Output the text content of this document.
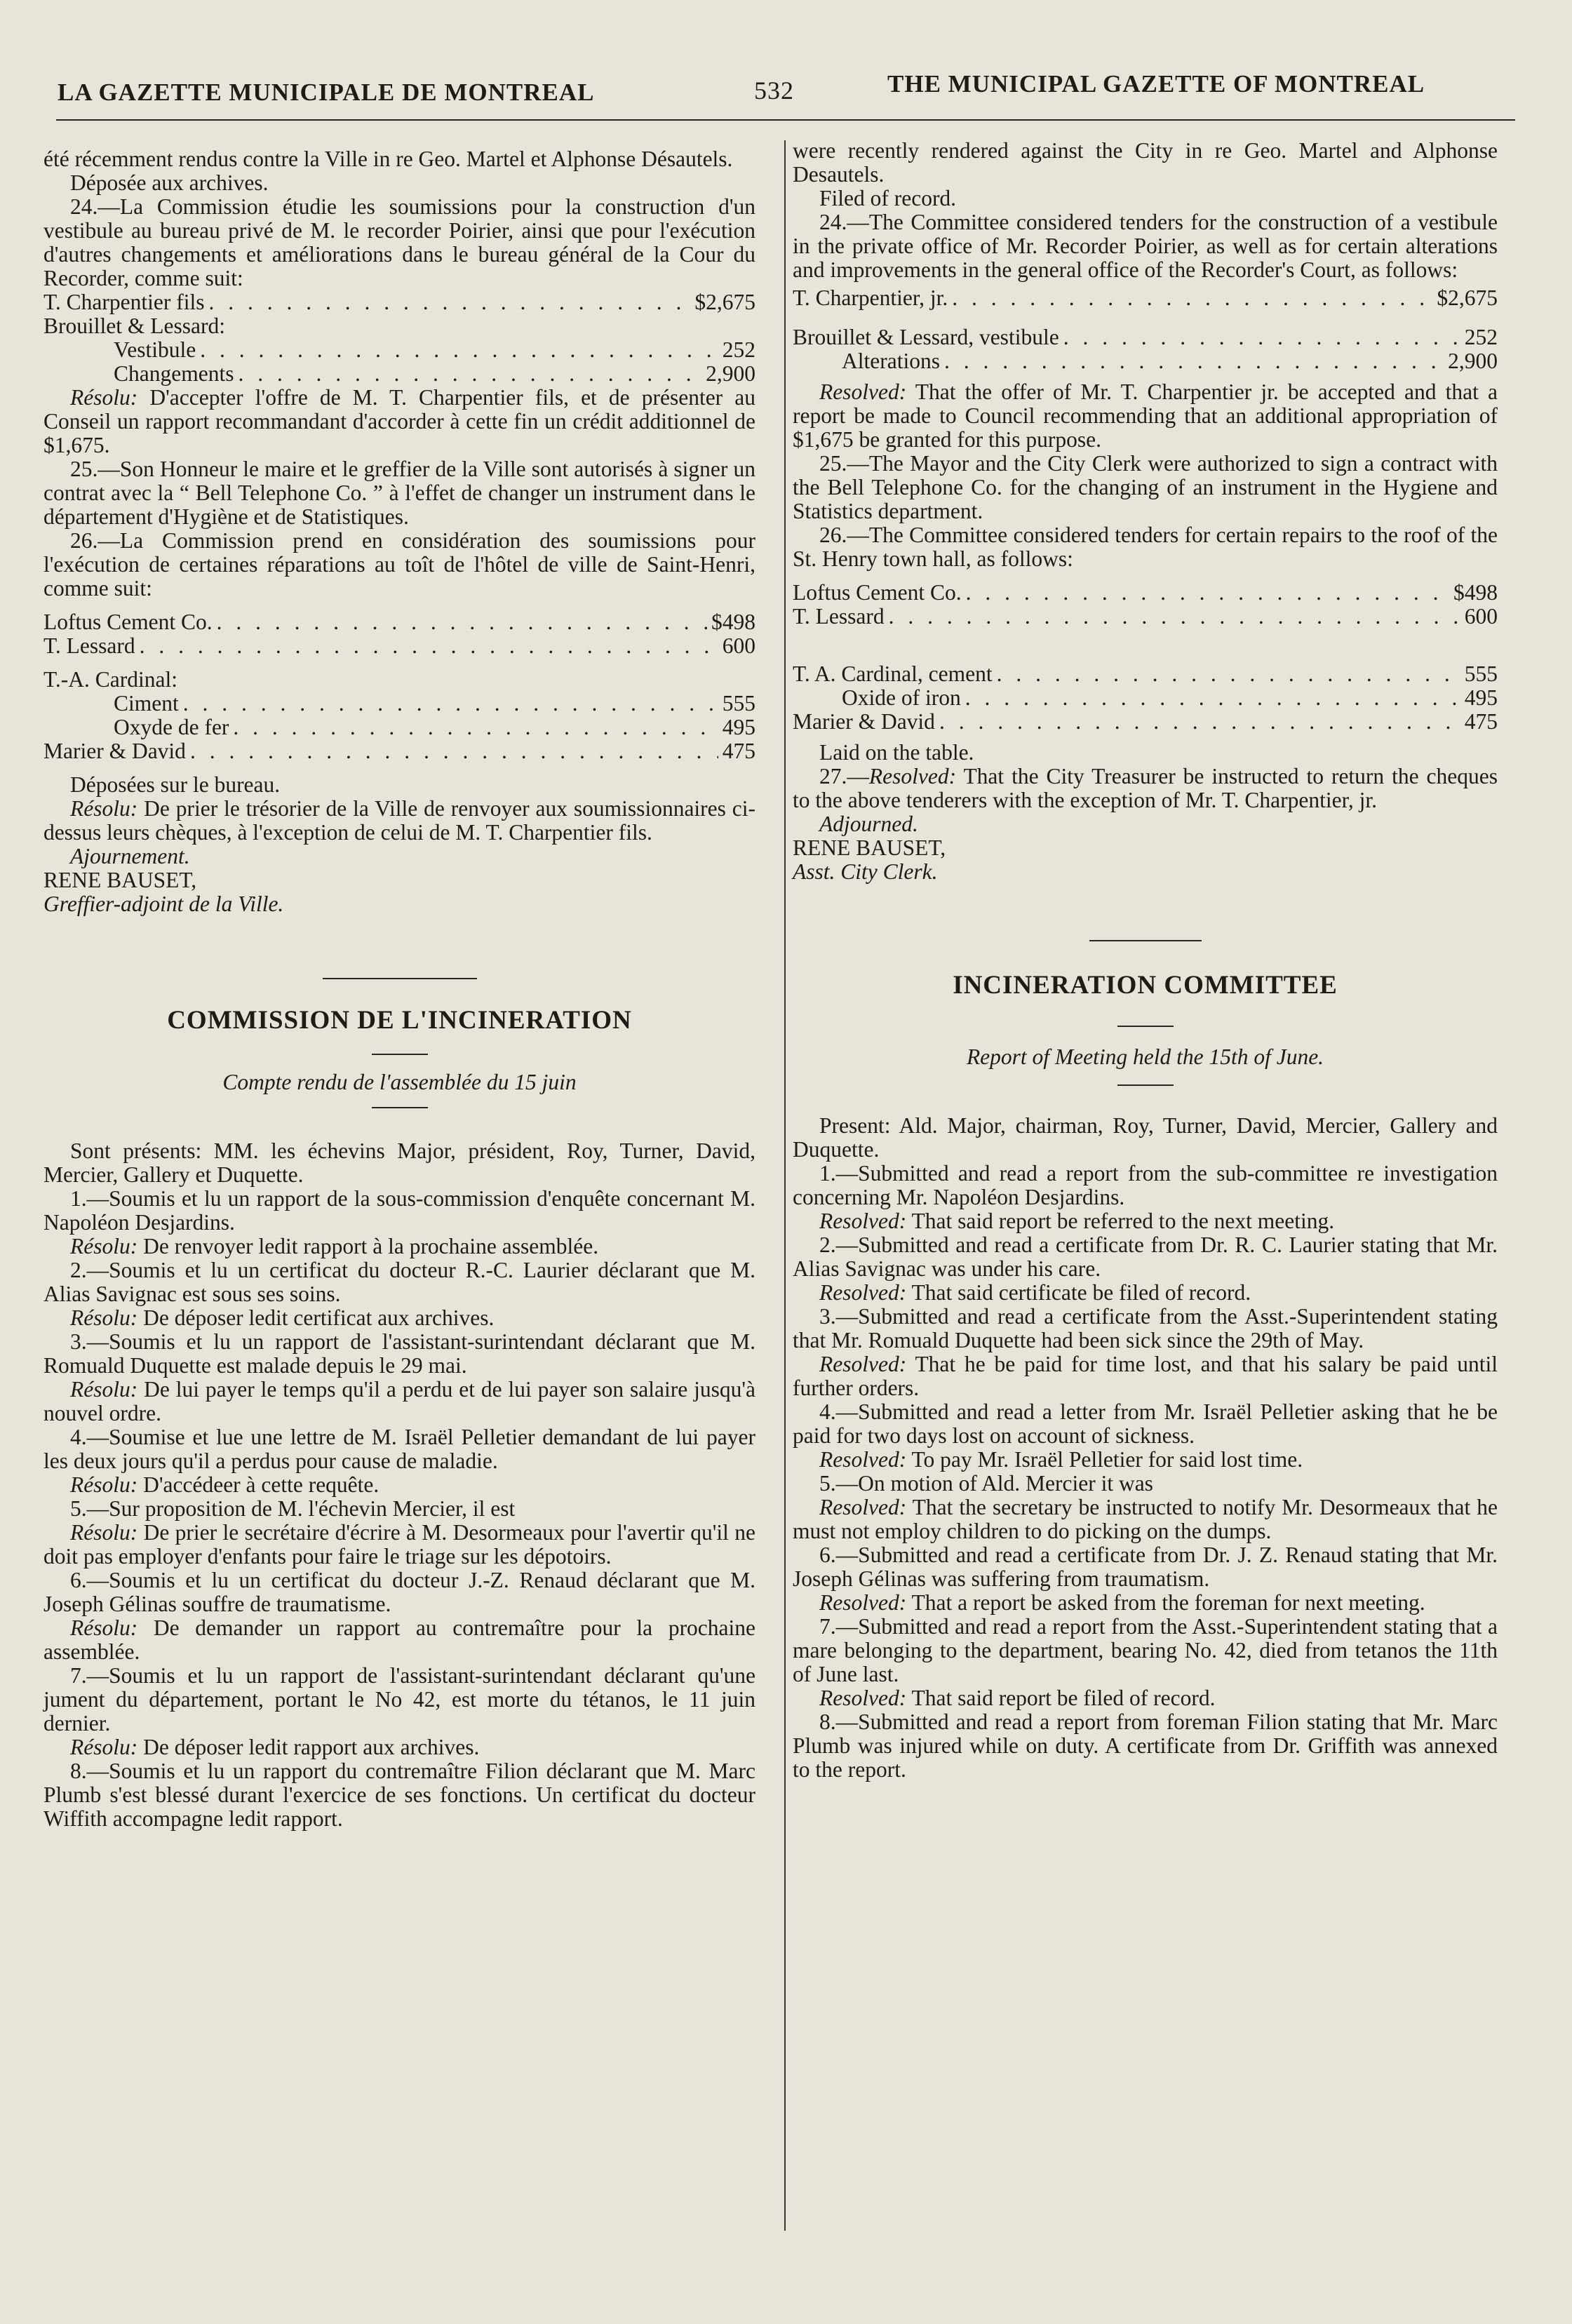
LA GAZETTE MUNICIPALE DE MONTREAL	532	THE MUNICIPAL GAZETTE OF MONTREAL

été récemment rendus contre la Ville in re Geo. Martel et Alphonse Désautels.

Déposée aux archives.

24.—La Commission étudie les soumissions pour la construction d'un vestibule au bureau privé de M. le recorder Poirier, ainsi que pour l'exécution d'autres changements et améliorations dans le bureau général de la Cour du Recorder, comme suit:

T. Charpentier fils . . .	$2,675

Brouillet & Lessard:

Vestibule . . .	252
Changements . . .	2,900

Résolu: D'accepter l'offre de M. T. Charpentier fils, et de présenter au Conseil un rapport recommandant d'accorder à cette fin un crédit additionnel de $1,675.

25.—Son Honneur le maire et le greffier de la Ville sont autorisés à signer un contrat avec la “ Bell Telephone Co. ” à l'effet de changer un instrument dans le département d'Hygiène et de Statistiques.

26.—La Commission prend en considération des soumissions pour l'exécution de certaines réparations au toît de l'hôtel de ville de Saint-Henri, comme suit:

Loftus Cement Co. . . .	$498
T. Lessard . . .	600

T.-A. Cardinal:

Ciment . . .	555
Oxyde de fer . . .	495
Marier & David . . .	475

Déposées sur le bureau.

Résolu: De prier le trésorier de la Ville de renvoyer aux soumissionnaires ci-dessus leurs chèques, à l'exception de celui de M. T. Charpentier fils.

Ajournement.

RENE BAUSET,

Greffier-adjoint de la Ville.

COMMISSION DE L'INCINERATION
Compte rendu de l'assemblée du 15 juin

Sont présents: MM. les échevins Major, président, Roy, Turner, David, Mercier, Gallery et Duquette.

1.—Soumis et lu un rapport de la sous-commission d'enquête concernant M. Napoléon Desjardins.

Résolu: De renvoyer ledit rapport à la prochaine assemblée.

2.—Soumis et lu un certificat du docteur R.-C. Laurier déclarant que M. Alias Savignac est sous ses soins.

Résolu: De déposer ledit certificat aux archives.

3.—Soumis et lu un rapport de l'assistant-surintendant déclarant que M. Romuald Duquette est malade depuis le 29 mai.

Résolu: De lui payer le temps qu'il a perdu et de lui payer son salaire jusqu'à nouvel ordre.

4.—Soumise et lue une lettre de M. Israël Pelletier demandant de lui payer les deux jours qu'il a perdus pour cause de maladie.

Résolu: D'accédeer à cette requête.

5.—Sur proposition de M. l'échevin Mercier, il est

Résolu: De prier le secrétaire d'écrire à M. Desormeaux pour l'avertir qu'il ne doit pas employer d'enfants pour faire le triage sur les dépotoirs.

6.—Soumis et lu un certificat du docteur J.-Z. Renaud déclarant que M. Joseph Gélinas souffre de traumatisme.

Résolu: De demander un rapport au contremaître pour la prochaine assemblée.

7.—Soumis et lu un rapport de l'assistant-surintendant déclarant qu'une jument du département, portant le No 42, est morte du tétanos, le 11 juin dernier.

Résolu: De déposer ledit rapport aux archives.

8.—Soumis et lu un rapport du contremaître Filion déclarant que M. Marc Plumb s'est blessé durant l'exercice de ses fonctions. Un certificat du docteur Wiffith accompagne ledit rapport.

were recently rendered against the City in re Geo. Martel and Alphonse Desautels.

Filed of record.

24.—The Committee considered tenders for the construction of a vestibule in the private office of Mr. Recorder Poirier, as well as for certain alterations and improvements in the general office of the Recorder's Court, as follows:

T. Charpentier, jr. . . .	$2,675
Brouillet & Lessard, vestibule . . .	252
Alterations . . .	2,900

Resolved: That the offer of Mr. T. Charpentier jr. be accepted and that a report be made to Council recommending that an additional appropriation of $1,675 be granted for this purpose.

25.—The Mayor and the City Clerk were authorized to sign a contract with the Bell Telephone Co. for the changing of an instrument in the Hygiene and Statistics department.

26.—The Committee considered tenders for certain repairs to the roof of the St. Henry town hall, as follows:

Loftus Cement Co. . . .	$498
T. Lessard . . .	600
T. A. Cardinal, cement . . .	555
Oxide of iron . . .	495
Marier & David . . .	475

Laid on the table.

27.—Resolved: That the City Treasurer be instructed to return the cheques to the above tenderers with the exception of Mr. T. Charpentier, jr.

Adjourned.

RENE BAUSET,

Asst. City Clerk.

INCINERATION COMMITTEE
Report of Meeting held the 15th of June.

Present: Ald. Major, chairman, Roy, Turner, David, Mercier, Gallery and Duquette.

1.—Submitted and read a report from the sub-committee re investigation concerning Mr. Napoléon Desjardins.

Resolved: That said report be referred to the next meeting.

2.—Submitted and read a certificate from Dr. R. C. Laurier stating that Mr. Alias Savignac was under his care.

Resolved: That said certificate be filed of record.

3.—Submitted and read a certificate from the Asst.-Superintendent stating that Mr. Romuald Duquette had been sick since the 29th of May.

Resolved: That he be paid for time lost, and that his salary be paid until further orders.

4.—Submitted and read a letter from Mr. Israël Pelletier asking that he be paid for two days lost on account of sickness.

Resolved: To pay Mr. Israël Pelletier for said lost time.

5.—On motion of Ald. Mercier it was

Resolved: That the secretary be instructed to notify Mr. Desormeaux that he must not employ children to do picking on the dumps.

6.—Submitted and read a certificate from Dr. J. Z. Renaud stating that Mr. Joseph Gélinas was suffering from traumatism.

Resolved: That a report be asked from the foreman for next meeting.

7.—Submitted and read a report from the Asst.-Superintendent stating that a mare belonging to the department, bearing No. 42, died from tetanos the 11th of June last.

Resolved: That said report be filed of record.

8.—Submitted and read a report from foreman Filion stating that Mr. Marc Plumb was injured while on duty. A certificate from Dr. Griffith was annexed to the report.
